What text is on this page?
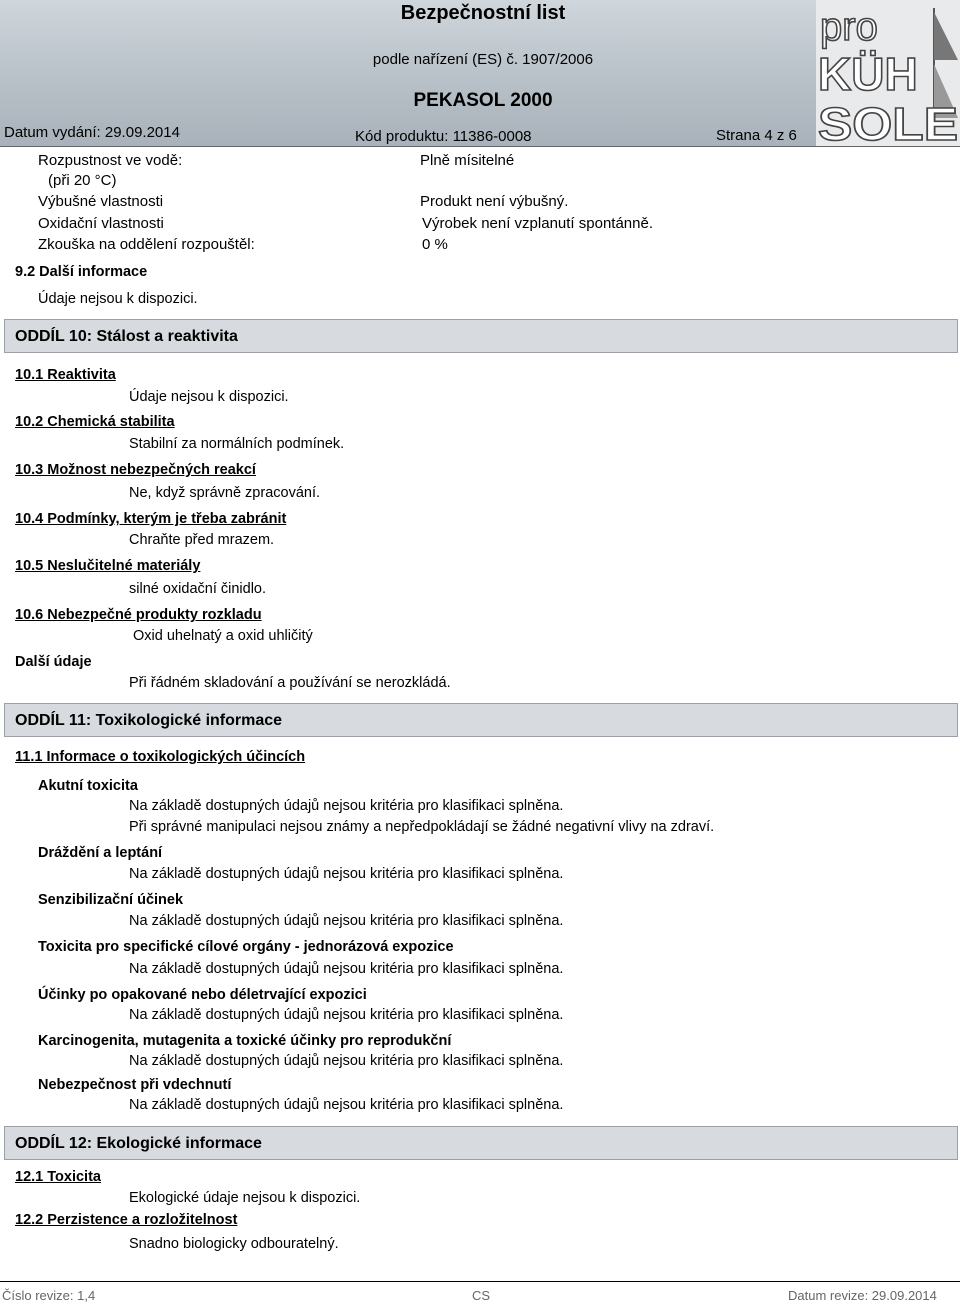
Bezpečnostní list
podle nařízení (ES) č. 1907/2006
PEKASOL 2000
Datum vydání: 29.09.2014	Kód produktu: 11386-0008	Strana 4 z 6
pro
KÜH
SOLE
Rozpustnost ve vodě:	Plně mísitelné
(při 20 °C)
Výbušné vlastnosti	Produkt není výbušný.
Oxidační vlastnosti	Výrobek není vzplanutí spontánně.
Zkouška na oddělení rozpouštěl:	0 %
9.2 Další informace
Údaje nejsou k dispozici.
ODDÍL 10: Stálost a reaktivita
10.1 Reaktivita
Údaje nejsou k dispozici.
10.2 Chemická stabilita
Stabilní za normálních podmínek.
10.3 Možnost nebezpečných reakcí
Ne, když správně zpracování.
10.4 Podmínky, kterým je třeba zabránit
Chraňte před mrazem.
10.5 Neslučitelné materiály
silné oxidační činidlo.
10.6 Nebezpečné produkty rozkladu
Oxid uhelnatý a oxid uhličitý
Další údaje
Při řádném skladování a používání se nerozkládá.
ODDÍL 11: Toxikologické informace
11.1 Informace o toxikologických účincích
Akutní toxicita
Na základě dostupných údajů nejsou kritéria pro klasifikaci splněna.
Při správné manipulaci nejsou známy a nepředpokládají se žádné negativní vlivy na zdraví.
Dráždění a leptání
Na základě dostupných údajů nejsou kritéria pro klasifikaci splněna.
Senzibilizační účinek
Na základě dostupných údajů nejsou kritéria pro klasifikaci splněna.
Toxicita pro specifické cílové orgány - jednorázová expozice
Na základě dostupných údajů nejsou kritéria pro klasifikaci splněna.
Účinky po opakované nebo déletrvající expozici
Na základě dostupných údajů nejsou kritéria pro klasifikaci splněna.
Karcinogenita, mutagenita a toxické účinky pro reprodukční
Na základě dostupných údajů nejsou kritéria pro klasifikaci splněna.
Nebezpečnost při vdechnutí
Na základě dostupných údajů nejsou kritéria pro klasifikaci splněna.
ODDÍL 12: Ekologické informace
12.1 Toxicita
Ekologické údaje nejsou k dispozici.
12.2 Perzistence a rozložitelnost
Snadno biologicky odbouratelný.
Číslo revize: 1,4	CS	Datum revize: 29.09.2014
